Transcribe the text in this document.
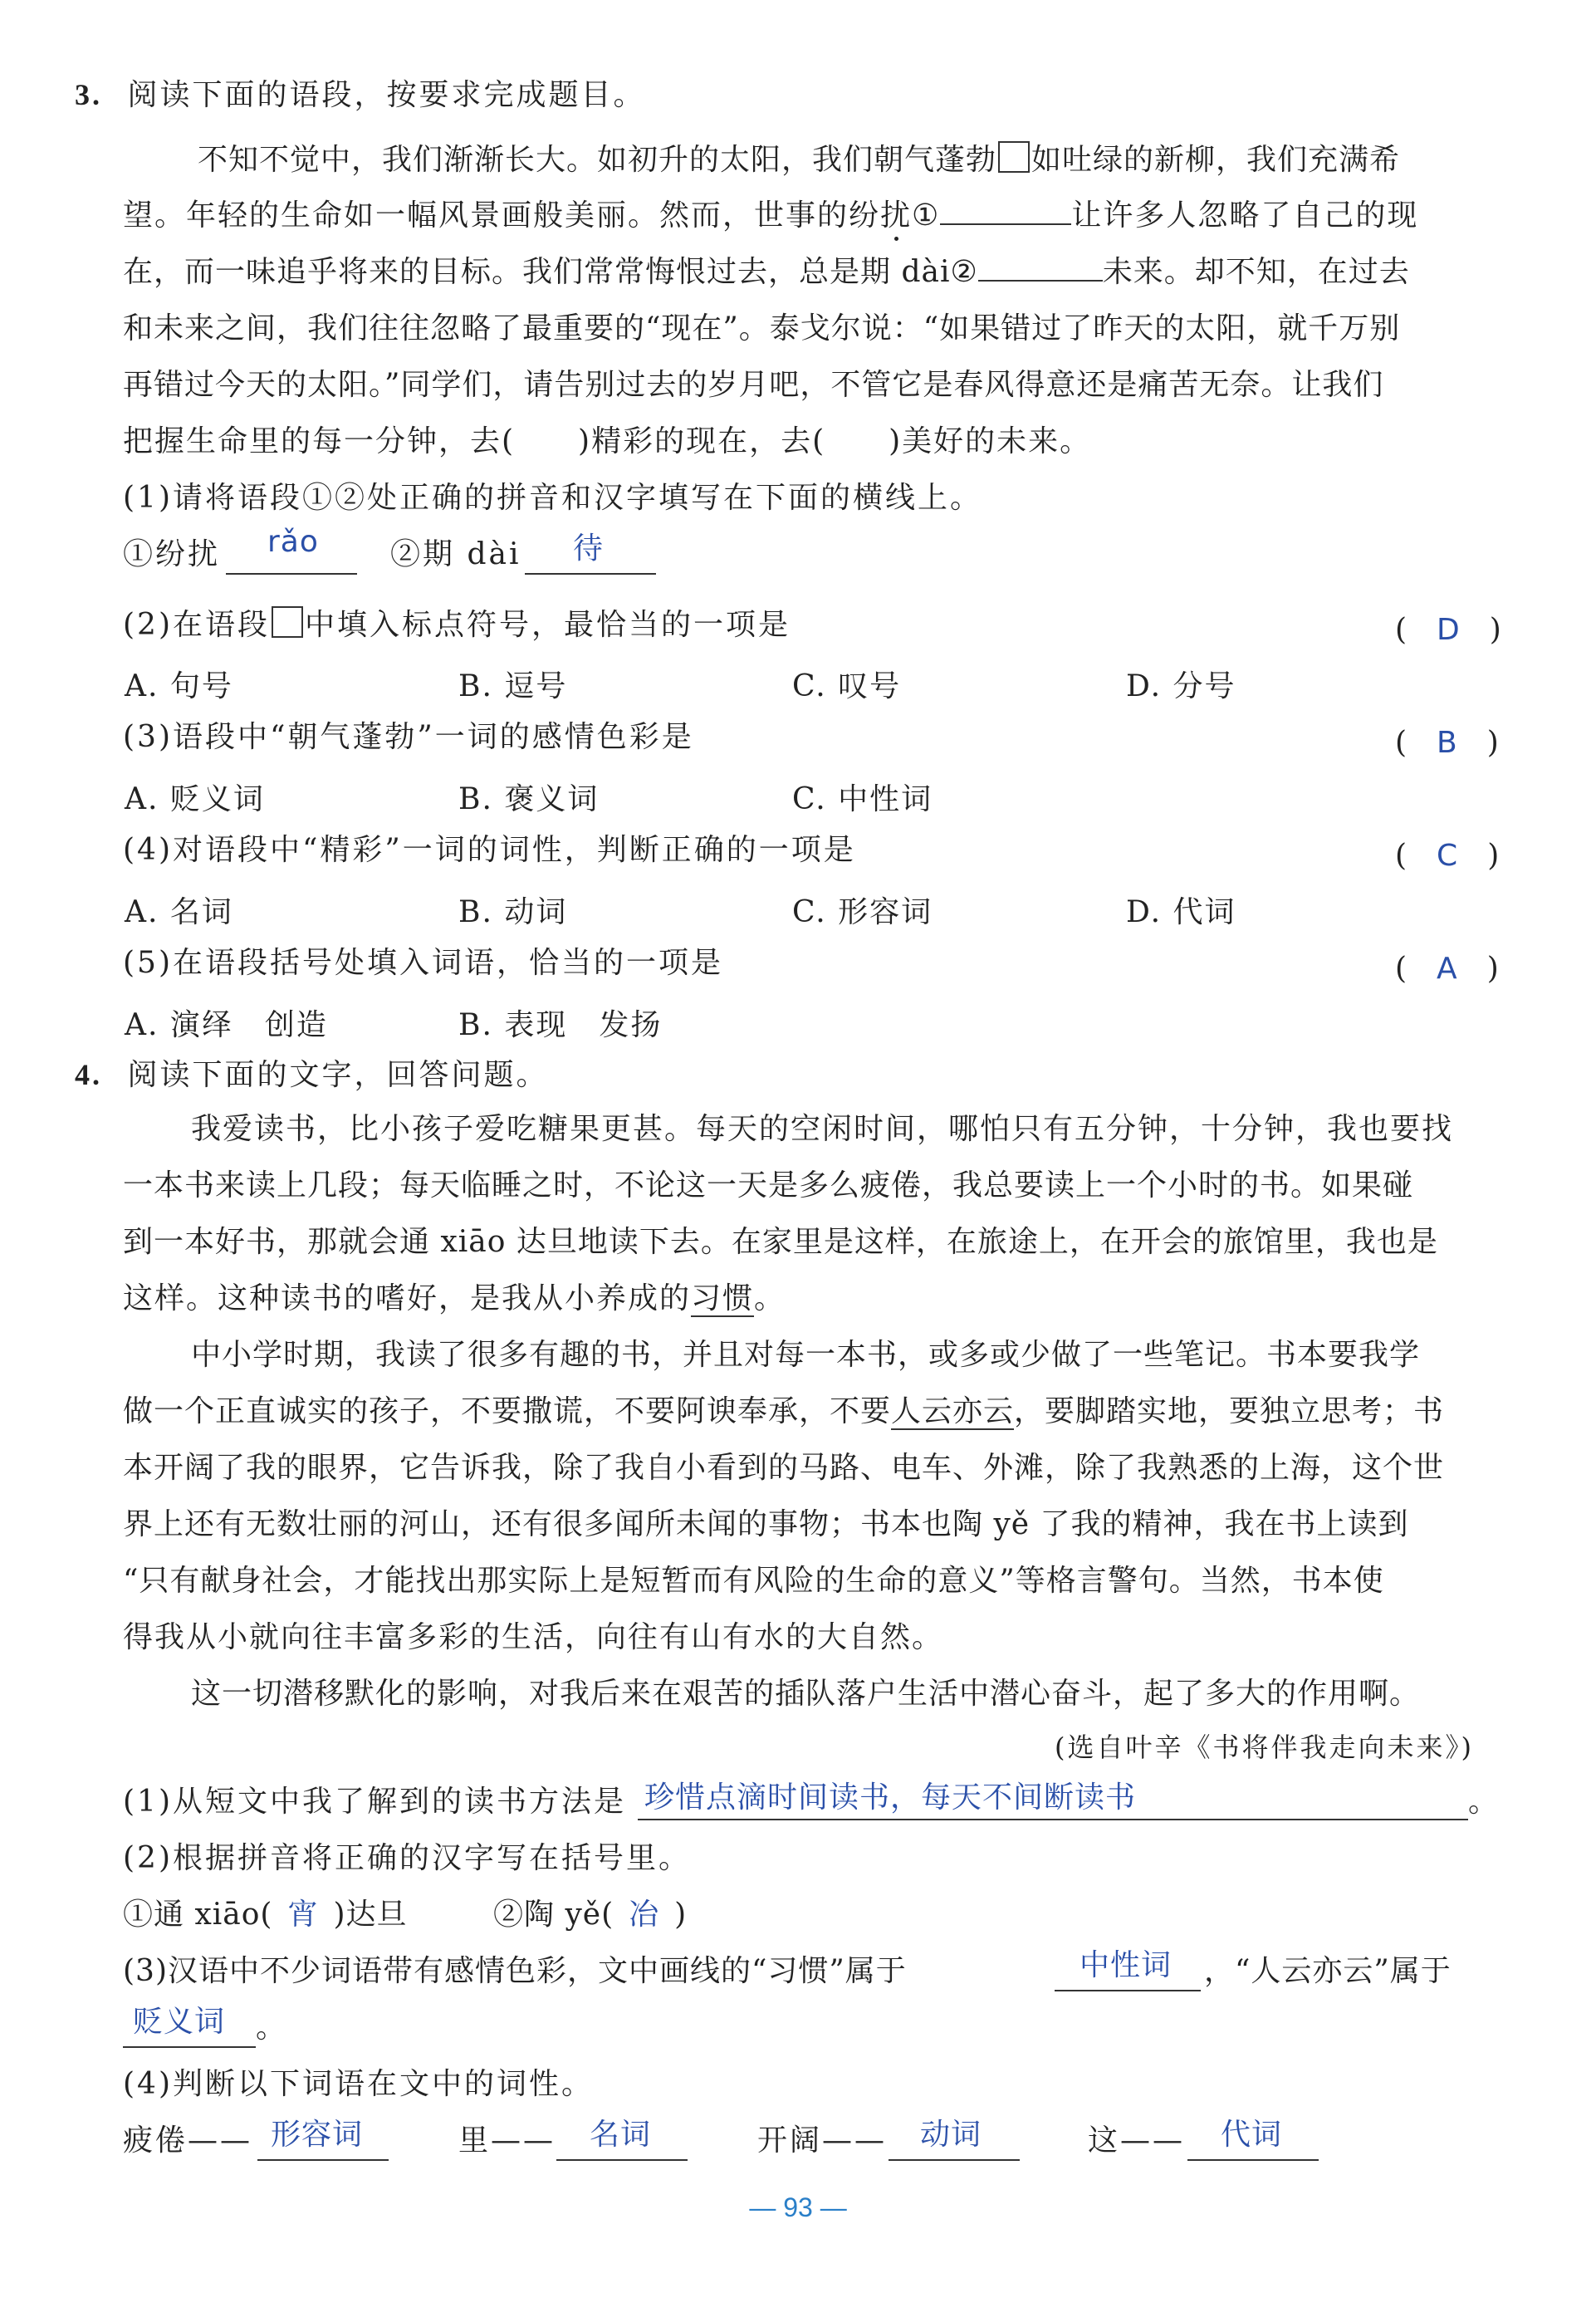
3. 阅读下面的语段，按要求完成题目。
不知不觉中，我们渐渐长大。如初升的太阳，我们朝气蓬勃 如吐绿的新柳，我们充满希
望。年轻的生命如一幅风景画般美丽。然而，世事的纷扰①	让许多人忽略了自己的现
在，而一味追乎将来的目标。我们常常悔恨过去，总是期 dài②	未来。却不知，在过去
和未来之间，我们往往忽略了最重要的“现在”。泰戈尔说：“如果错过了昨天的太阳，就千万别
再错过今天的太阳。”同学们，请告别过去的岁月吧，不管它是春风得意还是痛苦无奈。让我们
把握生命里的每一分钟，去(　　)精彩的现在，去(　　)美好的未来。
(1)请将语段①②处正确的拼音和汉字填写在下面的横线上。
①纷扰 rǎo ②期 dài 待
(2)在语段 中填入标点符号，最恰当的一项是	(　D　)
A. 句号	B. 逗号	C. 叹号	D. 分号
(3)语段中“朝气蓬勃”一词的感情色彩是	(　B　)
A. 贬义词	B. 褒义词	C. 中性词
(4)对语段中“精彩”一词的词性，判断正确的一项是	(　C　)
A. 名词	B. 动词	C. 形容词	D. 代词
(5)在语段括号处填入词语，恰当的一项是	(　A　)
A. 演绎　创造	B. 表现　发扬
4. 阅读下面的文字，回答问题。
我爱读书，比小孩子爱吃糖果更甚。每天的空闲时间，哪怕只有五分钟，十分钟，我也要找
一本书来读上几段；每天临睡之时，不论这一天是多么疲倦，我总要读上一个小时的书。如果碰
到一本好书，那就会通 xiāo 达旦地读下去。在家里是这样，在旅途上，在开会的旅馆里，我也是
这样。这种读书的嗜好，是我从小养成的习惯。
中小学时期，我读了很多有趣的书，并且对每一本书，或多或少做了一些笔记。书本要我学
做一个正直诚实的孩子，不要撒谎，不要阿谀奉承，不要人云亦云，要脚踏实地，要独立思考；书
本开阔了我的眼界，它告诉我，除了我自小看到的马路、电车、外滩，除了我熟悉的上海，这个世
界上还有无数壮丽的河山，还有很多闻所未闻的事物；书本也陶 yě 了我的精神，我在书上读到
“只有献身社会，才能找出那实际上是短暂而有风险的生命的意义”等格言警句。当然，书本使
得我从小就向往丰富多彩的生活，向往有山有水的大自然。
这一切潜移默化的影响，对我后来在艰苦的插队落户生活中潜心奋斗，起了多大的作用啊。
(选自叶辛《书将伴我走向未来》)
(1)从短文中我了解到的读书方法是 珍惜点滴时间读书，每天不间断读书	。
(2)根据拼音将正确的汉字写在括号里。
①通 xiāo( 宵 )达旦	②陶 yě( 冶 )
(3)汉语中不少词语带有感情色彩，文中画线的“习惯”属于	中性词 ，“人云亦云”属于
贬义词 。
(4)判断以下词语在文中的词性。
疲倦—— 形容词	里—— 名词	开阔—— 动词	这—— 代词
— 93 —
